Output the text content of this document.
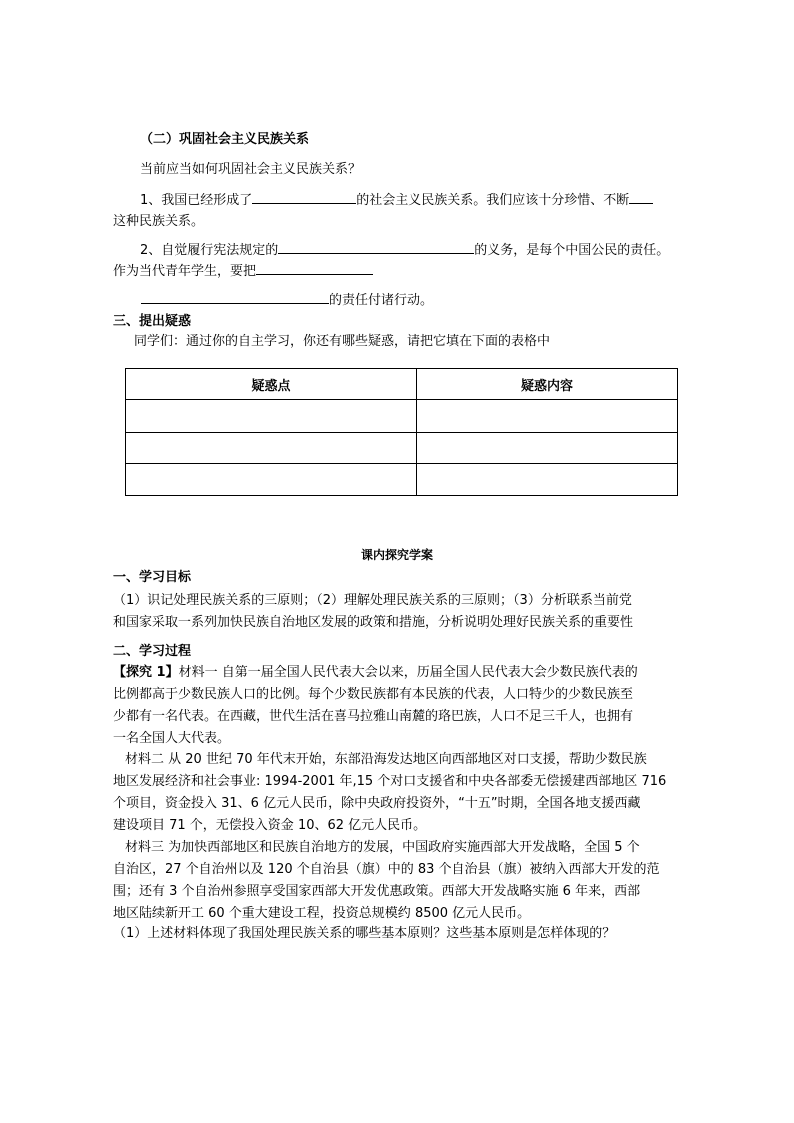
（二）巩固社会主义民族关系
当前应当如何巩固社会主义民族关系？
1、我国已经形成了	的社会主义民族关系。我们应该十分珍惜、不断
这种民族关系。
2、自觉履行宪法规定的	的义务，是每个中国公民的责任。
作为当代青年学生，要把
的责任付诸行动。
三、提出疑惑
同学们：通过你的自主学习，你还有哪些疑惑，请把它填在下面的表格中
疑惑点	疑惑内容

课内探究学案
一、学习目标
（1）识记处理民族关系的三原则；（2）理解处理民族关系的三原则；（3）分析联系当前党
和国家采取一系列加快民族自治地区发展的政策和措施，分析说明处理好民族关系的重要性
二、学习过程
【探究 1】材料一 自第一届全国人民代表大会以来，历届全国人民代表大会少数民族代表的
比例都高于少数民族人口的比例。每个少数民族都有本民族的代表，人口特少的少数民族至
少都有一名代表。在西藏，世代生活在喜马拉雅山南麓的珞巴族，人口不足三千人，也拥有
一名全国人大代表。
材料二 从 20 世纪 70 年代末开始，东部沿海发达地区向西部地区对口支援，帮助少数民族
地区发展经济和社会事业: 1994-2001 年,15 个对口支援省和中央各部委无偿援建西部地区 716
个项目，资金投入 31、6 亿元人民币，除中央政府投资外，“十五”时期，全国各地支援西藏
建设项目 71 个，无偿投入资金 10、62 亿元人民币。
材料三 为加快西部地区和民族自治地方的发展，中国政府实施西部大开发战略，全国 5 个
自治区，27 个自治州以及 120 个自治县（旗）中的 83 个自治县（旗）被纳入西部大开发的范
围；还有 3 个自治州参照享受国家西部大开发优惠政策。西部大开发战略实施 6 年来，西部
地区陆续新开工 60 个重大建设工程，投资总规模约 8500 亿元人民币。
（1）上述材料体现了我国处理民族关系的哪些基本原则？这些基本原则是怎样体现的？
